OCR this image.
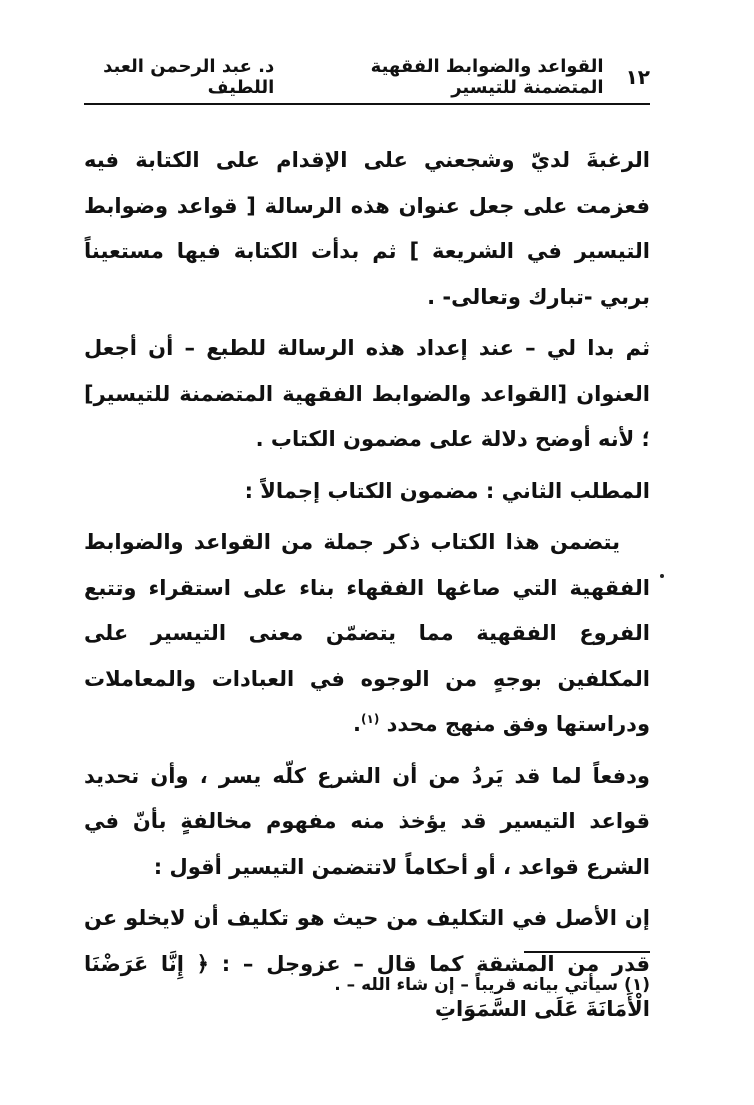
١٢
القواعد والضوابط الفقهية المتضمنة للتيسير
د. عبد الرحمن العبد اللطيف

الرغبةَ لديّ وشجعني على الإقدام على الكتابة فيه فعزمت على جعل عنوان هذه الرسالة [ قواعد وضوابط التيسير في الشريعة ] ثم بدأت الكتابة فيها مستعيناً بربي -تبارك وتعالى- .

ثم بدا لي – عند إعداد هذه الرسالة للطبع – أن أجعل العنوان [القواعد والضوابط الفقهية المتضمنة للتيسير] ؛ لأنه أوضح دلالة على مضمون الكتاب .

المطلب الثاني : مضمون الكتاب إجمالاً :

يتضمن هذا الكتاب ذكر جملة من القواعد والضوابط الفقهية التي صاغها الفقهاء بناء على استقراء وتتبع الفروع الفقهية مما يتضمّن معنى التيسير على المكلفين بوجهٍ من الوجوه في العبادات والمعاملات ودراستها وفق منهج محدد $^{(١)}$.

ودفعاً لما قد يَردُ من أن الشرع كلّه يسر ، وأن تحديد قواعد التيسير قد يؤخذ منه مفهوم مخالفةٍ بأنّ في الشرع قواعد ، أو أحكاماً لاتتضمن التيسير أقول :

إن الأصل في التكليف من حيث هو تكليف أن لايخلو عن قدر من المشقة كما قال – عزوجل – : ﴿ إِنَّا عَرَضْنَا الْأَمَانَةَ عَلَى السَّمَوَاتِ

(١) سيأتي بيانه قريباً – إن شاء الله – .
